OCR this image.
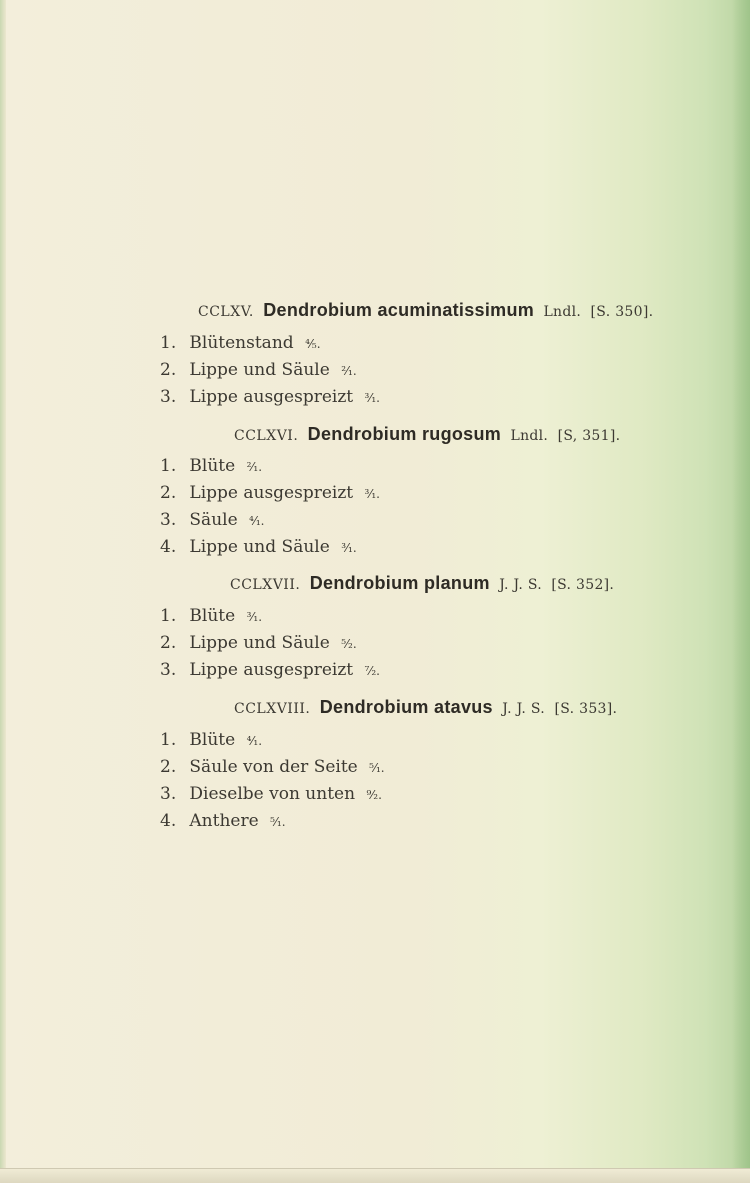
CCLXV. Dendrobium acuminatissimum Lndl. [S. 350].
1. Blütenstand ⁴⁄₅.
2. Lippe und Säule ²⁄₁.
3. Lippe ausgespreizt ³⁄₁.
CCLXVI. Dendrobium rugosum Lndl. [S, 351].
1. Blüte ²⁄₁.
2. Lippe ausgespreizt ³⁄₁.
3. Säule ⁴⁄₁.
4. Lippe und Säule ³⁄₁.
CCLXVII. Dendrobium planum J. J. S. [S. 352].
1. Blüte ³⁄₁.
2. Lippe und Säule ⁵⁄₂.
3. Lippe ausgespreizt ⁷⁄₂.
CCLXVIII. Dendrobium atavus J. J. S. [S. 353].
1. Blüte ⁴⁄₁.
2. Säule von der Seite ⁵⁄₁.
3. Dieselbe von unten ⁹⁄₂.
4. Anthere ⁵⁄₁.
